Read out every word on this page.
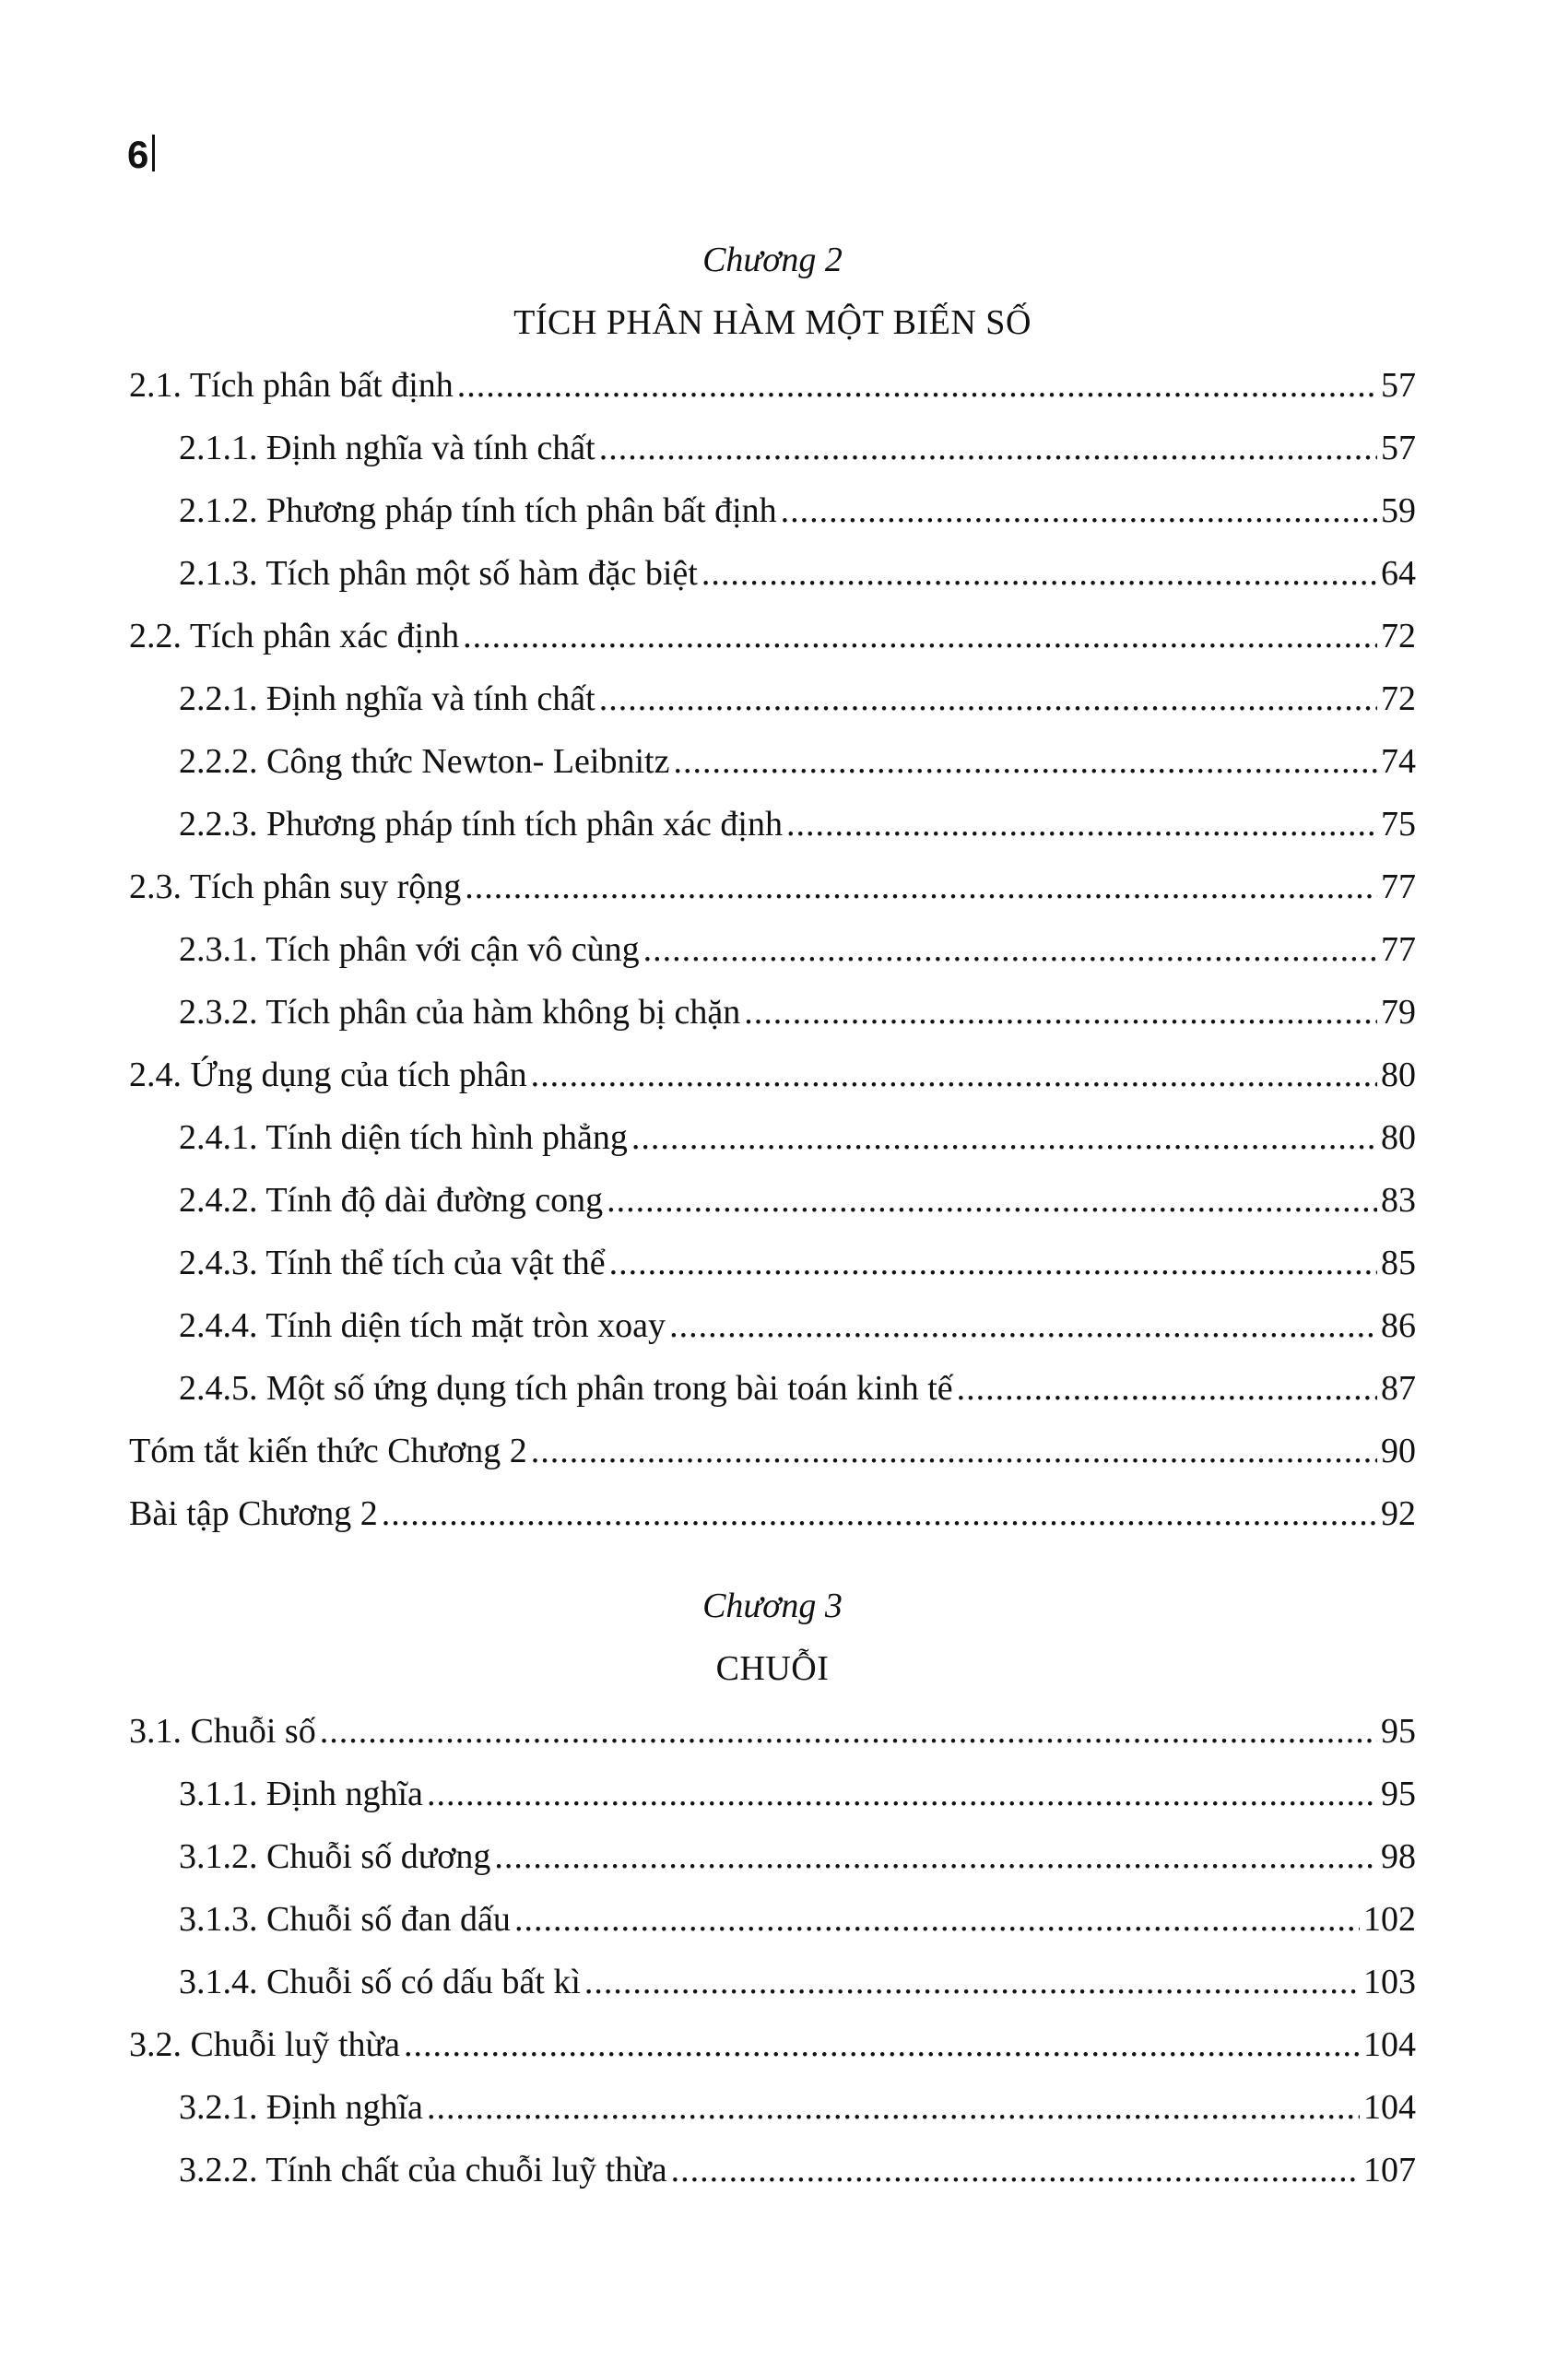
6
Chương 2
TÍCH PHÂN HÀM MỘT BIẾN SỐ
2.1. Tích phân bất định .....	57
2.1.1. Định nghĩa và tính chất .....	57
2.1.2. Phương pháp tính tích phân bất định .....	59
2.1.3. Tích phân một số hàm đặc biệt .....	64
2.2. Tích phân xác định .....	72
2.2.1. Định nghĩa và tính chất .....	72
2.2.2. Công thức Newton- Leibnitz .....	74
2.2.3. Phương pháp tính tích phân xác định .....	75
2.3. Tích phân suy rộng .....	77
2.3.1. Tích phân với cận vô cùng .....	77
2.3.2. Tích phân của hàm không bị chặn .....	79
2.4. Ứng dụng của tích phân .....	80
2.4.1. Tính diện tích hình phẳng .....	80
2.4.2. Tính độ dài đường cong .....	83
2.4.3. Tính thể tích của vật thể .....	85
2.4.4. Tính diện tích mặt tròn xoay .....	86
2.4.5. Một số ứng dụng tích phân trong bài toán kinh tế .....	87
Tóm tắt kiến thức Chương 2 .....	90
Bài tập Chương 2 .....	92
Chương 3
CHUỖI
3.1. Chuỗi số .....	95
3.1.1. Định nghĩa .....	95
3.1.2. Chuỗi số dương .....	98
3.1.3. Chuỗi số đan dấu .....	102
3.1.4. Chuỗi số có dấu bất kì .....	103
3.2. Chuỗi luỹ thừa .....	104
3.2.1. Định nghĩa .....	104
3.2.2. Tính chất của chuỗi luỹ thừa .....	107
